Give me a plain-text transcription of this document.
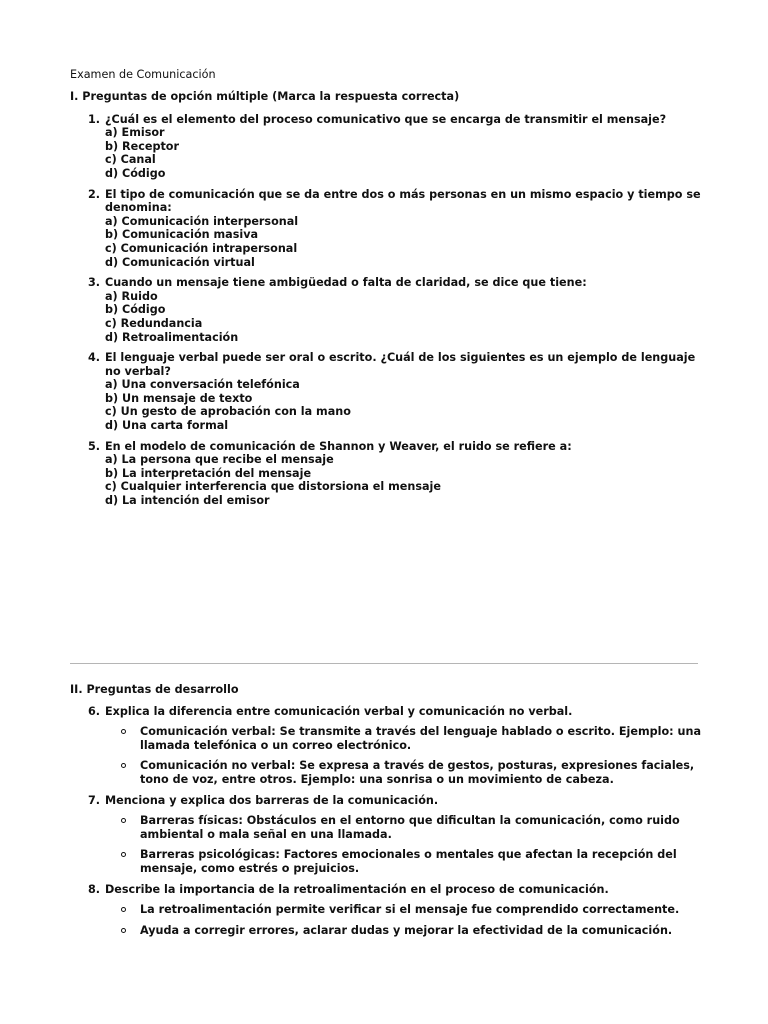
Examen de Comunicación
I. Preguntas de opción múltiple (Marca la respuesta correcta)
1. ¿Cuál es el elemento del proceso comunicativo que se encarga de transmitir el mensaje?
a) Emisor
b) Receptor
c) Canal
d) Código
2. El tipo de comunicación que se da entre dos o más personas en un mismo espacio y tiempo se denomina:
a) Comunicación interpersonal
b) Comunicación masiva
c) Comunicación intrapersonal
d) Comunicación virtual
3. Cuando un mensaje tiene ambigüedad o falta de claridad, se dice que tiene:
a) Ruido
b) Código
c) Redundancia
d) Retroalimentación
4. El lenguaje verbal puede ser oral o escrito. ¿Cuál de los siguientes es un ejemplo de lenguaje no verbal?
a) Una conversación telefónica
b) Un mensaje de texto
c) Un gesto de aprobación con la mano
d) Una carta formal
5. En el modelo de comunicación de Shannon y Weaver, el ruido se refiere a:
a) La persona que recibe el mensaje
b) La interpretación del mensaje
c) Cualquier interferencia que distorsiona el mensaje
d) La intención del emisor
II. Preguntas de desarrollo
6. Explica la diferencia entre comunicación verbal y comunicación no verbal.
Comunicación verbal: Se transmite a través del lenguaje hablado o escrito. Ejemplo: una llamada telefónica o un correo electrónico.
Comunicación no verbal: Se expresa a través de gestos, posturas, expresiones faciales, tono de voz, entre otros. Ejemplo: una sonrisa o un movimiento de cabeza.
7. Menciona y explica dos barreras de la comunicación.
Barreras físicas: Obstáculos en el entorno que dificultan la comunicación, como ruido ambiental o mala señal en una llamada.
Barreras psicológicas: Factores emocionales o mentales que afectan la recepción del mensaje, como estrés o prejuicios.
8. Describe la importancia de la retroalimentación en el proceso de comunicación.
La retroalimentación permite verificar si el mensaje fue comprendido correctamente.
Ayuda a corregir errores, aclarar dudas y mejorar la efectividad de la comunicación.
